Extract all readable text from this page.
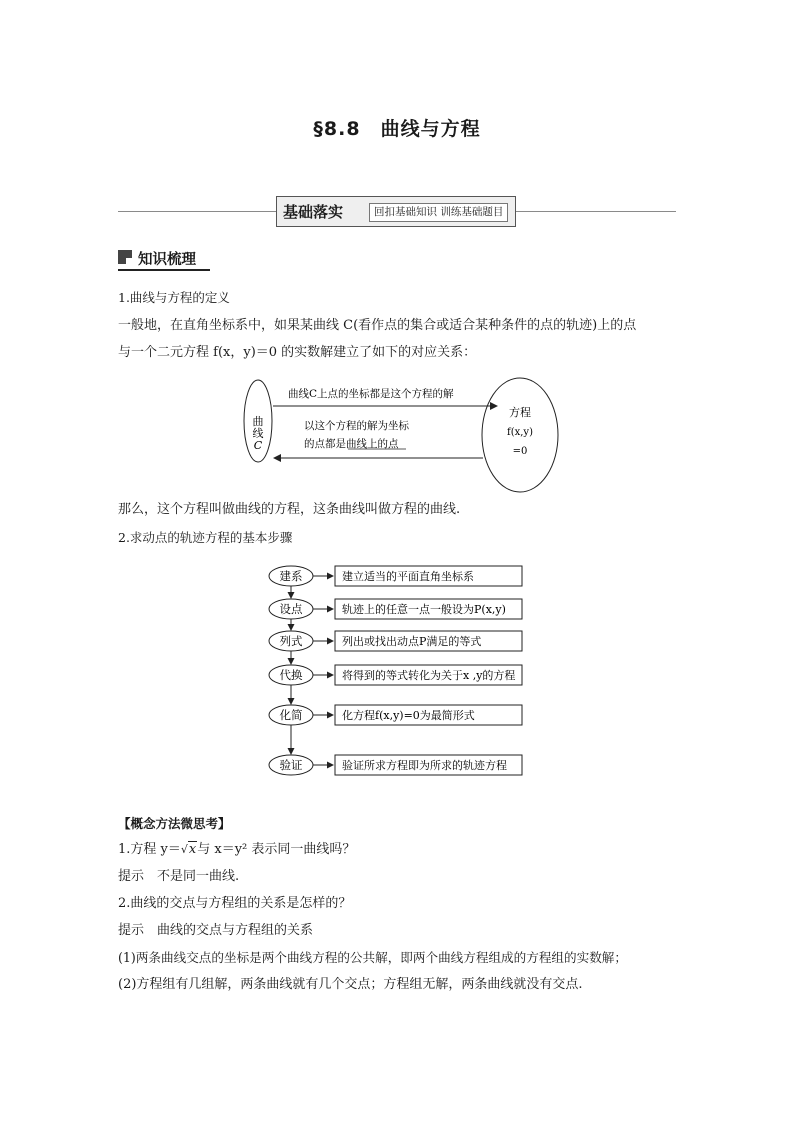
§8.8　曲线与方程
基础落实	回扣基础知识 训练基础题目
知识梳理
1.曲线与方程的定义
一般地，在直角坐标系中，如果某曲线 C(看作点的集合或适合某种条件的点的轨迹)上的点
与一个二元方程 f(x，y)＝0 的实数解建立了如下的对应关系：
曲
线
C
方程
f(x,y)
=0
曲线C上点的坐标都是这个方程的解
以这个方程的解为坐标
的点都是曲线上的点
那么，这个方程叫做曲线的方程，这条曲线叫做方程的曲线.
2.求动点的轨迹方程的基本步骤
建系	建立适当的平面直角坐标系
设点	轨迹上的任意一点一般设为P(x,y)
列式	列出或找出动点P满足的等式
代换	将得到的等式转化为关于x ,y的方程
化简	化方程f(x,y)=0为最简形式
验证	验证所求方程即为所求的轨迹方程
【概念方法微思考】
1.方程 y＝√x与 x＝y² 表示同一曲线吗？
提示　不是同一曲线.
2.曲线的交点与方程组的关系是怎样的？
提示　曲线的交点与方程组的关系
(1)两条曲线交点的坐标是两个曲线方程的公共解，即两个曲线方程组成的方程组的实数解；
(2)方程组有几组解，两条曲线就有几个交点；方程组无解，两条曲线就没有交点.
